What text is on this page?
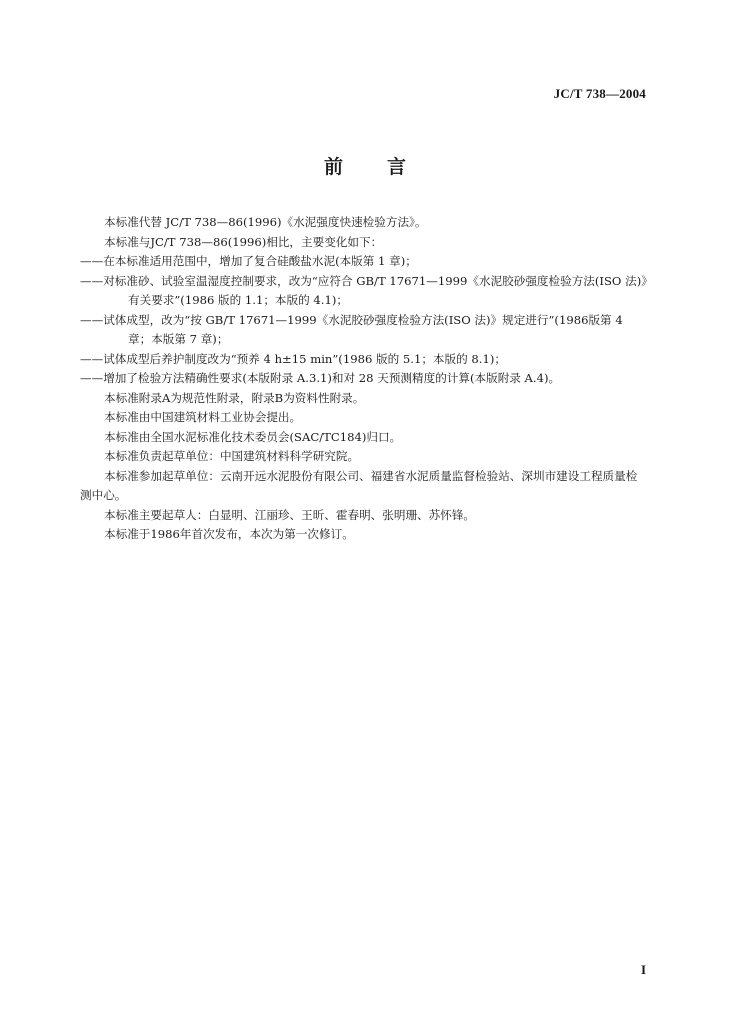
JC/T 738—2004
前 言

本标准代替 JC/T 738—86(1996)《水泥强度快速检验方法》。

本标准与JC/T 738—86(1996)相比，主要变化如下：

——在本标准适用范围中，增加了复合硅酸盐水泥(本版第 1 章)；

——对标准砂、试验室温湿度控制要求，改为“应符合 GB/T 17671—1999《水泥胶砂强度检验方法(ISO 法)》有关要求”(1986 版的 1.1；本版的 4.1)；

——试体成型，改为“按 GB/T 17671—1999《水泥胶砂强度检验方法(ISO 法)》规定进行”(1986版第 4 章；本版第 7 章)；

——试体成型后养护制度改为“预养 4 h±15 min”(1986 版的 5.1；本版的 8.1)；

——增加了检验方法精确性要求(本版附录 A.3.1)和对 28 天预测精度的计算(本版附录 A.4)。

本标准附录A为规范性附录，附录B为资料性附录。

本标准由中国建筑材料工业协会提出。

本标准由全国水泥标准化技术委员会(SAC/TC184)归口。

本标准负责起草单位：中国建筑材料科学研究院。

本标准参加起草单位：云南开远水泥股份有限公司、福建省水泥质量监督检验站、深圳市建设工程质量检测中心。

本标准主要起草人：白显明、江丽珍、王昕、霍春明、张明珊、苏怀锋。

本标准于1986年首次发布，本次为第一次修订。

I
